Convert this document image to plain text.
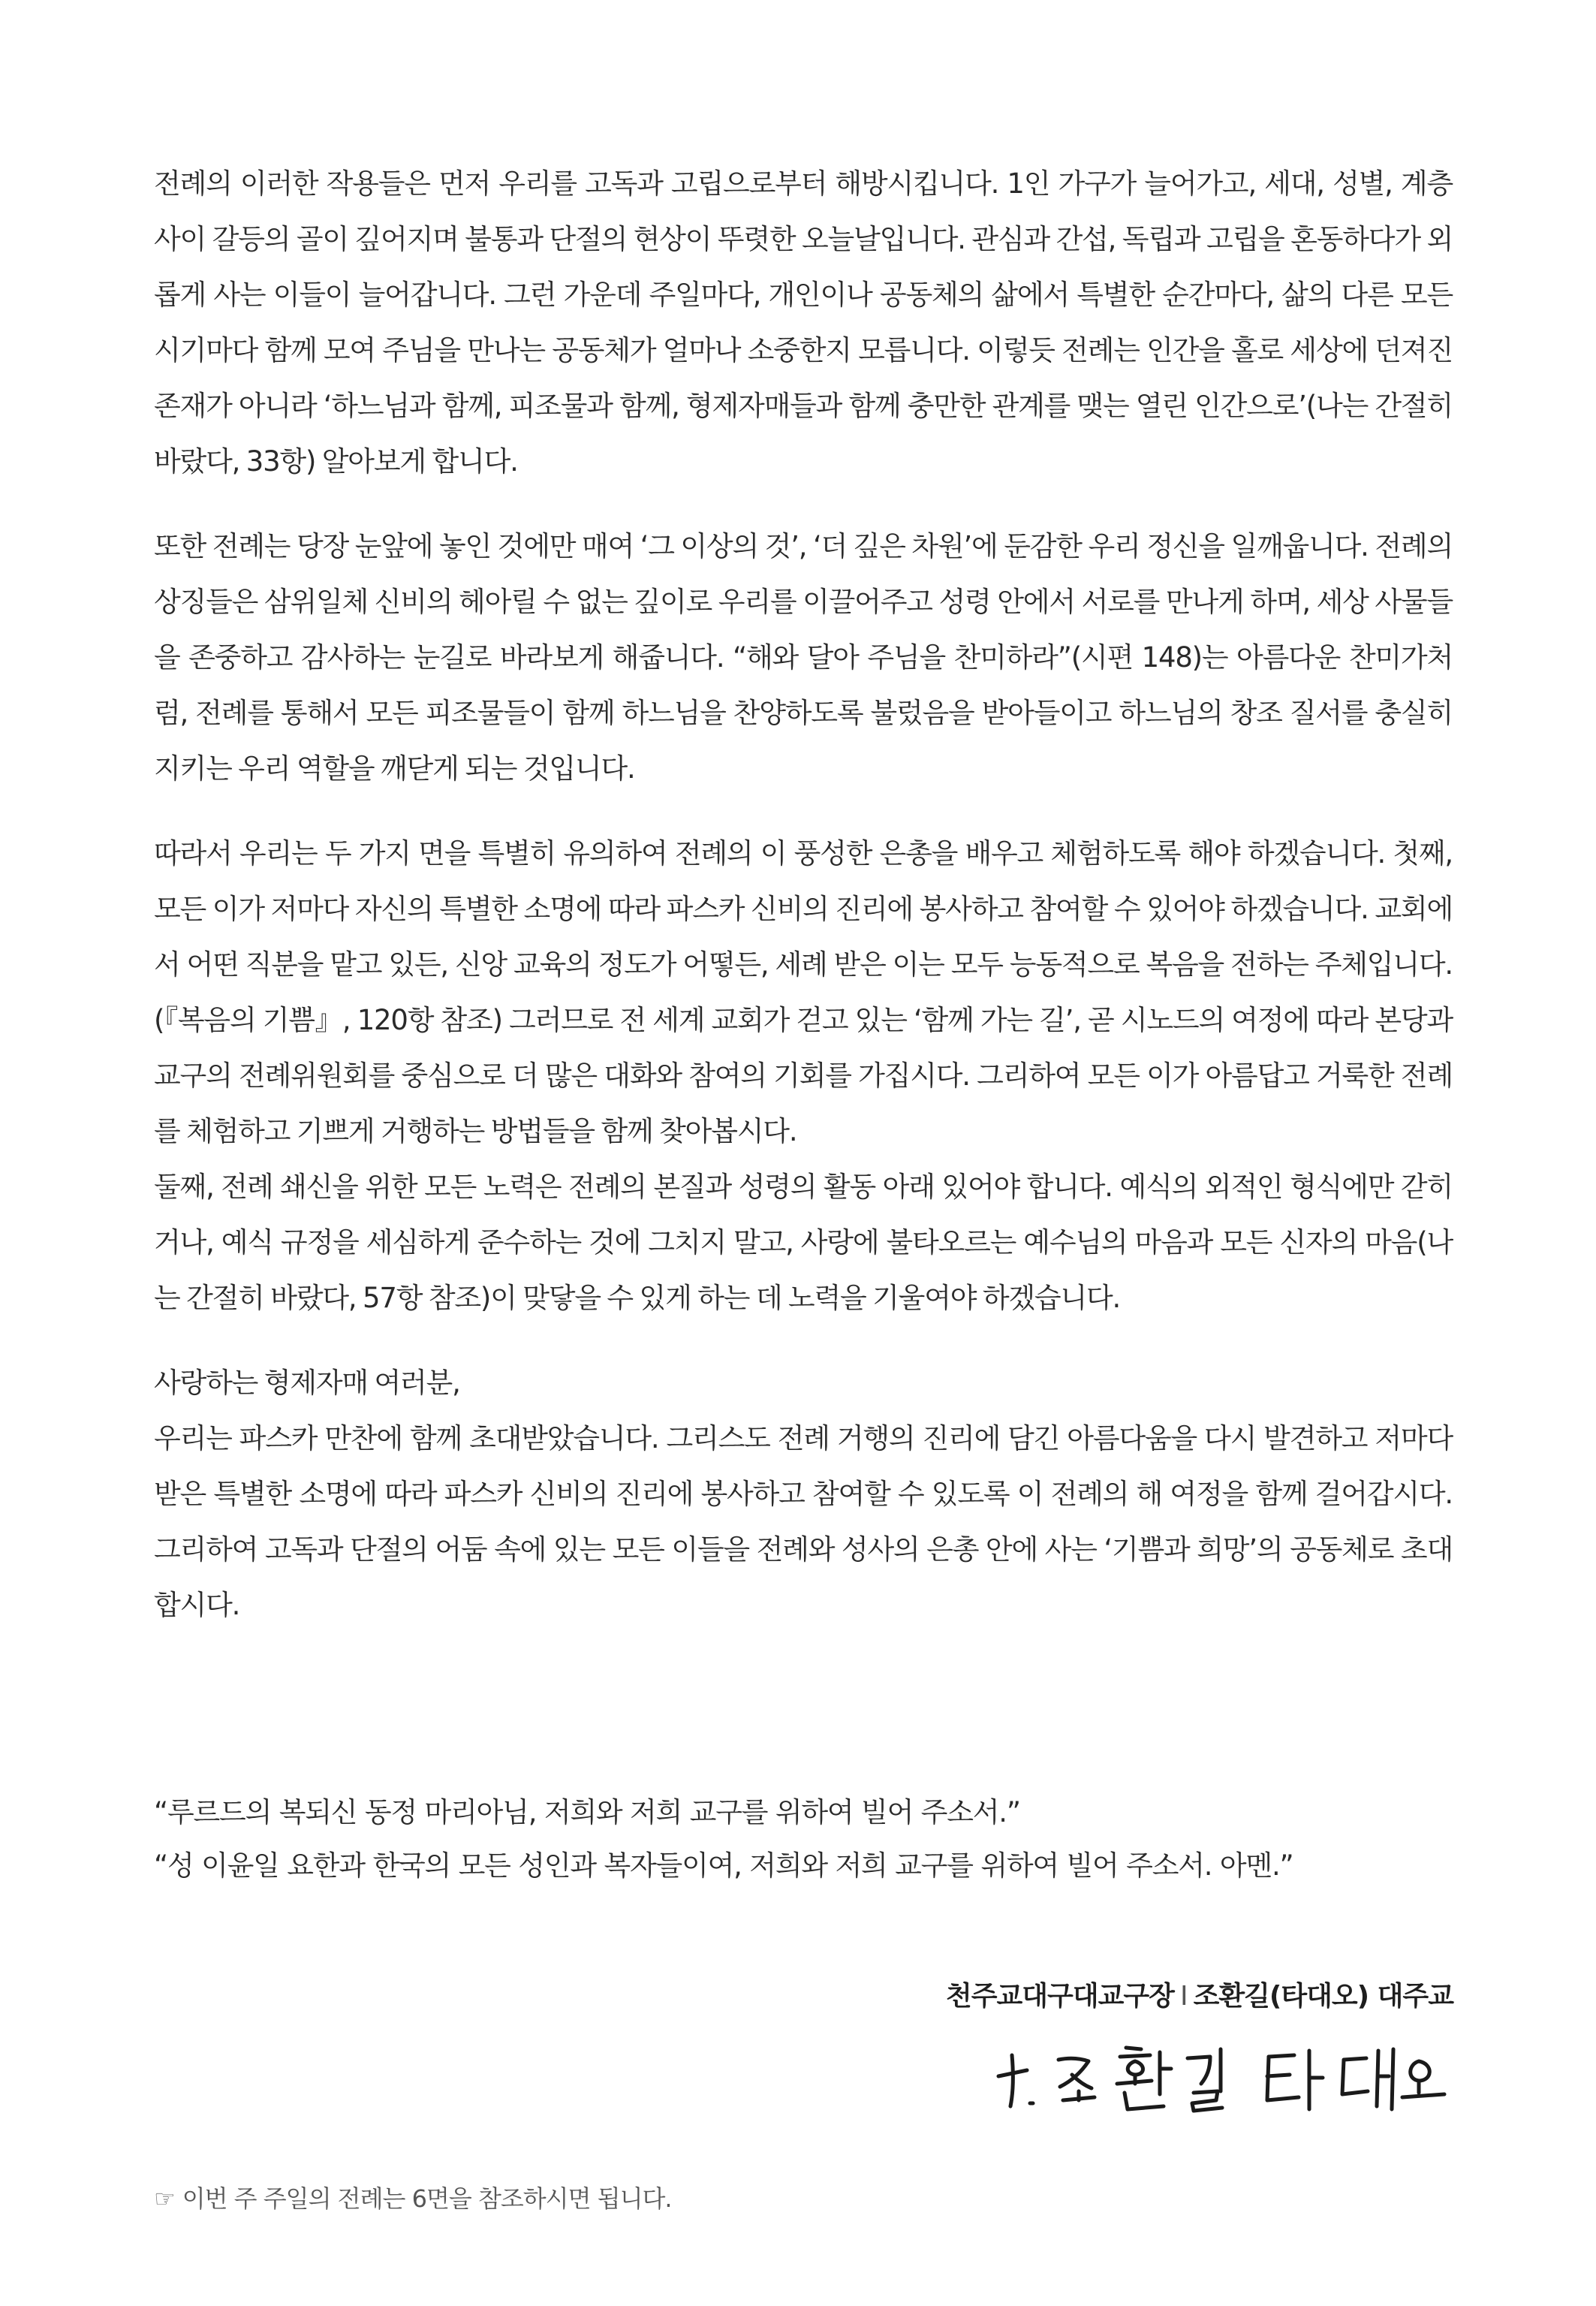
전례의 이러한 작용들은 먼저 우리를 고독과 고립으로부터 해방시킵니다. 1인 가구가 늘어가고, 세대, 성별, 계층 사이 갈등의 골이 깊어지며 불통과 단절의 현상이 뚜렷한 오늘날입니다. 관심과 간섭, 독립과 고립을 혼동하다가 외롭게 사는 이들이 늘어갑니다. 그런 가운데 주일마다, 개인이나 공동체의 삶에서 특별한 순간마다, 삶의 다른 모든 시기마다 함께 모여 주님을 만나는 공동체가 얼마나 소중한지 모릅니다. 이렇듯 전례는 인간을 홀로 세상에 던져진 존재가 아니라 ‘하느님과 함께, 피조물과 함께, 형제자매들과 함께 충만한 관계를 맺는 열린 인간으로’(나는 간절히 바랐다, 33항) 알아보게 합니다.

또한 전례는 당장 눈앞에 놓인 것에만 매여 ‘그 이상의 것’, ‘더 깊은 차원’에 둔감한 우리 정신을 일깨웁니다. 전례의 상징들은 삼위일체 신비의 헤아릴 수 없는 깊이로 우리를 이끌어주고 성령 안에서 서로를 만나게 하며, 세상 사물들을 존중하고 감사하는 눈길로 바라보게 해줍니다. “해와 달아 주님을 찬미하라”(시편 148)는 아름다운 찬미가처럼, 전례를 통해서 모든 피조물들이 함께 하느님을 찬양하도록 불렀음을 받아들이고 하느님의 창조 질서를 충실히 지키는 우리 역할을 깨닫게 되는 것입니다.

따라서 우리는 두 가지 면을 특별히 유의하여 전례의 이 풍성한 은총을 배우고 체험하도록 해야 하겠습니다. 첫째, 모든 이가 저마다 자신의 특별한 소명에 따라 파스카 신비의 진리에 봉사하고 참여할 수 있어야 하겠습니다. 교회에서 어떤 직분을 맡고 있든, 신앙 교육의 정도가 어떻든, 세례 받은 이는 모두 능동적으로 복음을 전하는 주체입니다.(『복음의 기쁨』, 120항 참조) 그러므로 전 세계 교회가 걷고 있는 ‘함께 가는 길’, 곧 시노드의 여정에 따라 본당과 교구의 전례위원회를 중심으로 더 많은 대화와 참여의 기회를 가집시다. 그리하여 모든 이가 아름답고 거룩한 전례를 체험하고 기쁘게 거행하는 방법들을 함께 찾아봅시다.

둘째, 전례 쇄신을 위한 모든 노력은 전례의 본질과 성령의 활동 아래 있어야 합니다. 예식의 외적인 형식에만 갇히거나, 예식 규정을 세심하게 준수하는 것에 그치지 말고, 사랑에 불타오르는 예수님의 마음과 모든 신자의 마음(나는 간절히 바랐다, 57항 참조)이 맞닿을 수 있게 하는 데 노력을 기울여야 하겠습니다.

사랑하는 형제자매 여러분,

우리는 파스카 만찬에 함께 초대받았습니다. 그리스도 전례 거행의 진리에 담긴 아름다움을 다시 발견하고 저마다 받은 특별한 소명에 따라 파스카 신비의 진리에 봉사하고 참여할 수 있도록 이 전례의 해 여정을 함께 걸어갑시다. 그리하여 고독과 단절의 어둠 속에 있는 모든 이들을 전례와 성사의 은총 안에 사는 ‘기쁨과 희망’의 공동체로 초대합시다.

“루르드의 복되신 동정 마리아님, 저희와 저희 교구를 위하여 빌어 주소서.”
“성 이윤일 요한과 한국의 모든 성인과 복자들이여, 저희와 저희 교구를 위하여 빌어 주소서. 아멘.”
천주교대구대교구장 I 조환길(타대오) 대주교
☞ 이번 주 주일의 전례는 6면을 참조하시면 됩니다.
